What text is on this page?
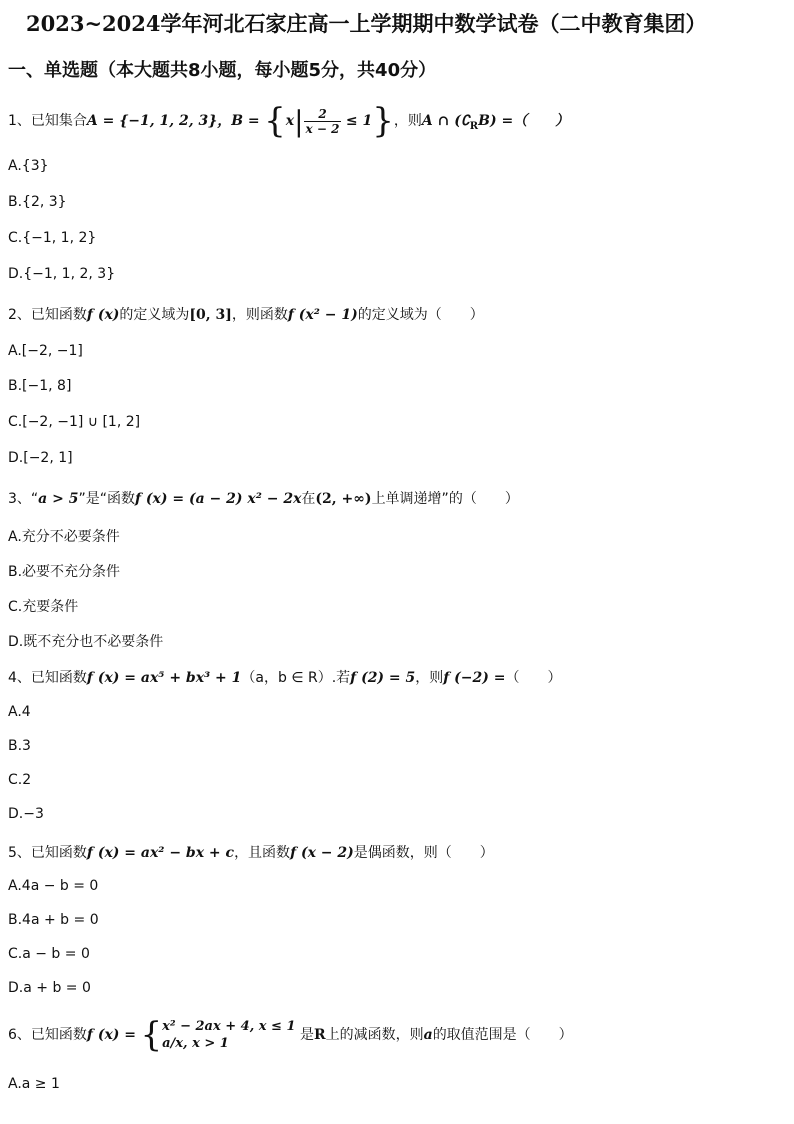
2023~2024学年河北石家庄高一上学期期中数学试卷（二中教育集团）
一、单选题（本大题共8小题，每小题5分，共40分）
1、已知集合A = {−1, 1, 2, 3}，$B = \{x| \frac{2}{x - 2} \le 1\}$，则A ∩ $(∁_RB)$ =（　　）
A.{3}
B.{2, 3}
C.{−1, 1, 2}
D.{−1, 1, 2, 3}
2、已知函数f (x)的定义域为[0, 3]，则函数f (x² − 1)的定义域为（　　）
A.[−2, −1]
B.[−1, 8]
C.[−2, −1] ∪ [1, 2]
D.[−2, 1]
3、“a > 5”是“函数f (x) = (a − 2) x² − 2x在(2, +∞)上单调递增”的（　　）
A.充分不必要条件
B.必要不充分条件
C.充要条件
D.既不充分也不必要条件
4、已知函数f (x) = ax⁵ + bx³ + 1（a，b ∈ R）.若f (2) = 5，则f (−2) =（　　）
A.4
B.3
C.2
D.−3
5、已知函数f (x) = ax² − bx + c，且函数f (x − 2)是偶函数，则（　　）
A.4a − b = 0
B.4a + b = 0
C.a − b = 0
D.a + b = 0
6、已知函数f (x) = { x² − 2ax + 4, x ≤ 1
a/x, x > 1
是R上的减函数，则a的取值范围是（　　）
A.a ≥ 1
